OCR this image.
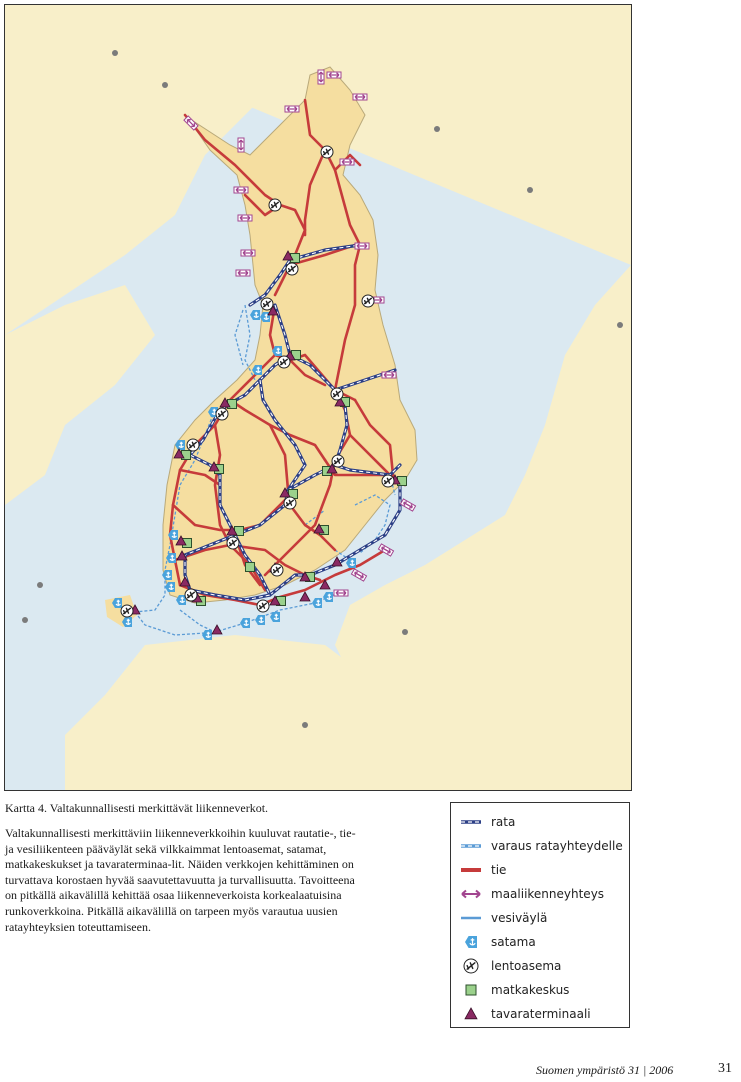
Kartta 4. Valtakunnallisesti merkittävät liikenneverkot.
Valtakunnallisesti merkittäviin liikenneverkkoihin kuuluvat rautatie-, tie- ja vesiliikenteen pääväylät sekä vilkkaimmat lentoasemat, satamat, matkakeskukset ja tavaraterminaa-lit. Näiden verkkojen kehittäminen on turvattava korostaen hyvää saavutettavuutta ja turvallisuutta. Tavoitteena on pitkällä aikavälillä kehittää osaa liikenneverkoista korkealaatuisina runkoverkkoina. Pitkällä aikavälillä on tarpeen myös varautua uusien ratayhteyksien toteuttamiseen.
rata
varaus ratayhteydelle
tie
maaliikenneyhteys
vesiväylä
satama
lentoasema
matkakeskus
tavaraterminaali
Suomen ympäristö 31 | 2006	31
